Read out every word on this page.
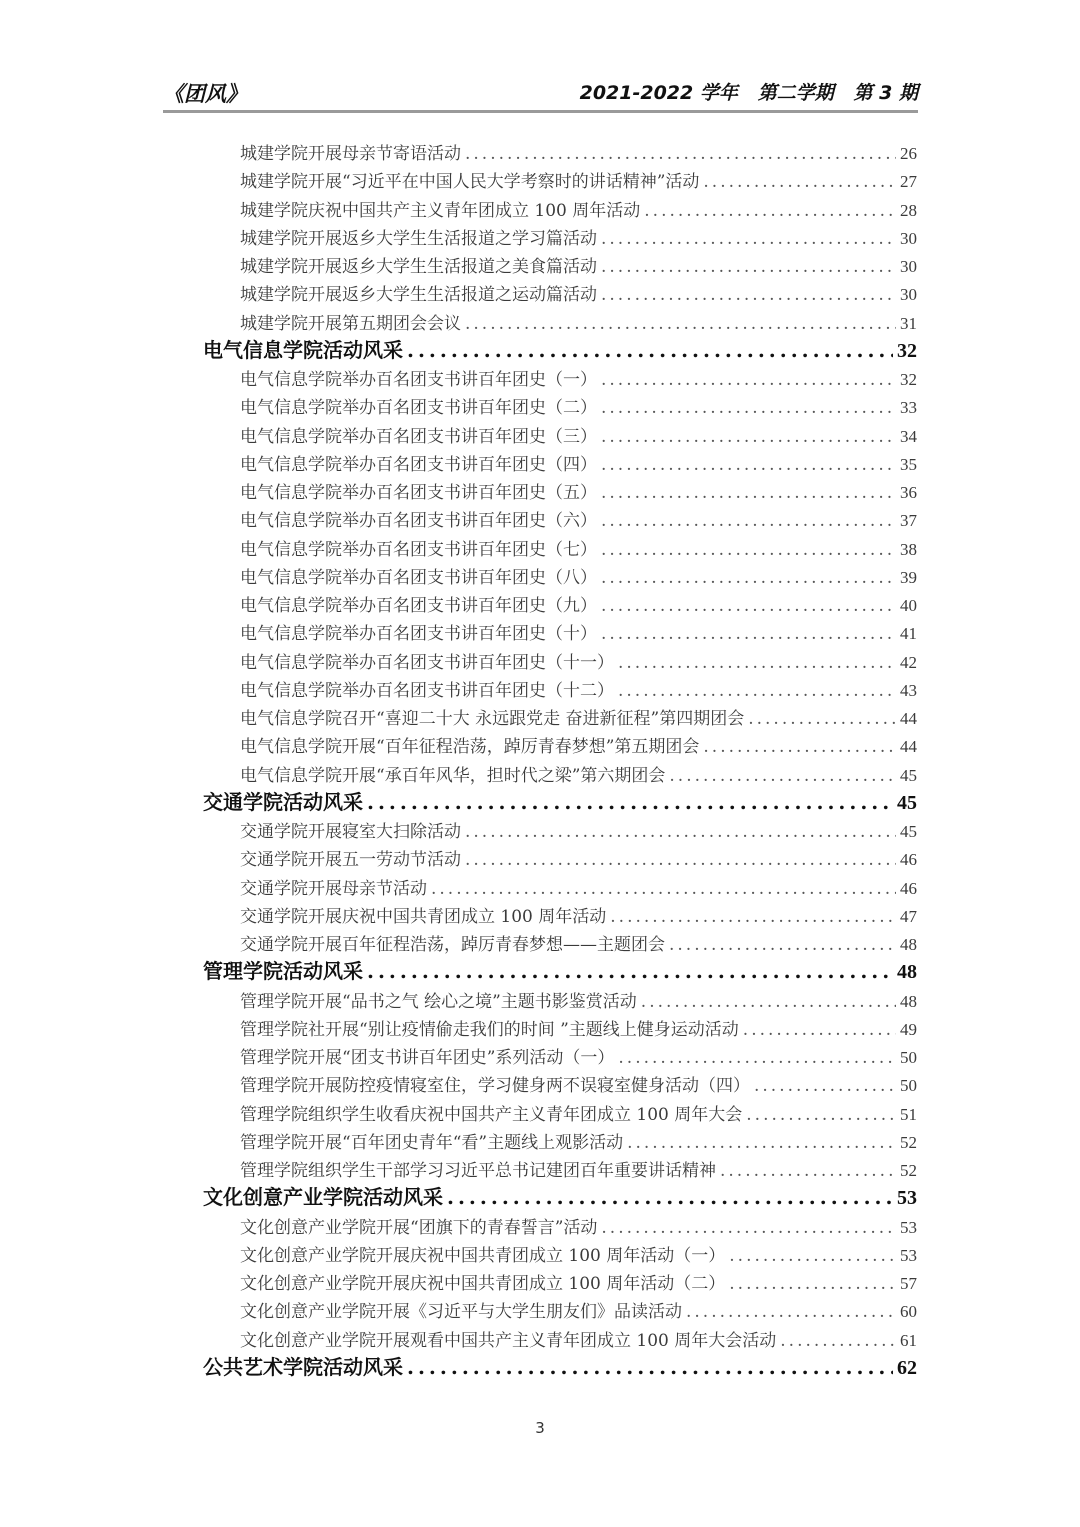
《团风》	2021-2022 学年   第二学期   第 3 期
城建学院开展母亲节寄语活动 .....	26
城建学院开展“习近平在中国人民大学考察时的讲话精神”活动 .....	27
城建学院庆祝中国共产主义青年团成立 100 周年活动 .....	28
城建学院开展返乡大学生生活报道之学习篇活动 .....	30
城建学院开展返乡大学生生活报道之美食篇活动 .....	30
城建学院开展返乡大学生生活报道之运动篇活动 .....	30
城建学院开展第五期团会会议 .....	31
电气信息学院活动风采 .....	32
电气信息学院举办百名团支书讲百年团史（一） .....	32
电气信息学院举办百名团支书讲百年团史（二） .....	33
电气信息学院举办百名团支书讲百年团史（三） .....	34
电气信息学院举办百名团支书讲百年团史（四） .....	35
电气信息学院举办百名团支书讲百年团史（五） .....	36
电气信息学院举办百名团支书讲百年团史（六） .....	37
电气信息学院举办百名团支书讲百年团史（七） .....	38
电气信息学院举办百名团支书讲百年团史（八） .....	39
电气信息学院举办百名团支书讲百年团史（九） .....	40
电气信息学院举办百名团支书讲百年团史（十） .....	41
电气信息学院举办百名团支书讲百年团史（十一） .....	42
电气信息学院举办百名团支书讲百年团史（十二） .....	43
电气信息学院召开“喜迎二十大 永远跟党走 奋进新征程”第四期团会 .....	44
电气信息学院开展“百年征程浩荡，踔厉青春梦想”第五期团会 .....	44
电气信息学院开展“承百年风华，担时代之梁”第六期团会 .....	45
交通学院活动风采 .....	45
交通学院开展寝室大扫除活动 .....	45
交通学院开展五一劳动节活动 .....	46
交通学院开展母亲节活动 .....	46
交通学院开展庆祝中国共青团成立 100 周年活动 .....	47
交通学院开展百年征程浩荡，踔厉青春梦想——主题团会 .....	48
管理学院活动风采 .....	48
管理学院开展“品书之气 绘心之境”主题书影鉴赏活动 .....	48
管理学院社开展“别让疫情偷走我们的时间 ”主题线上健身运动活动 .....	49
管理学院开展“团支书讲百年团史”系列活动（一） .....	50
管理学院开展防控疫情寝室住，学习健身两不误寝室健身活动（四） .....	50
管理学院组织学生收看庆祝中国共产主义青年团成立 100 周年大会 .....	51
管理学院开展“百年团史青年“看”主题线上观影活动 .....	52
管理学院组织学生干部学习习近平总书记建团百年重要讲话精神 .....	52
文化创意产业学院活动风采 .....	53
文化创意产业学院开展“团旗下的青春誓言”活动 .....	53
文化创意产业学院开展庆祝中国共青团成立 100 周年活动（一） .....	53
文化创意产业学院开展庆祝中国共青团成立 100 周年活动（二） .....	57
文化创意产业学院开展《习近平与大学生朋友们》品读活动 .....	60
文化创意产业学院开展观看中国共产主义青年团成立 100 周年大会活动 .....	61
公共艺术学院活动风采 .....	62
3
